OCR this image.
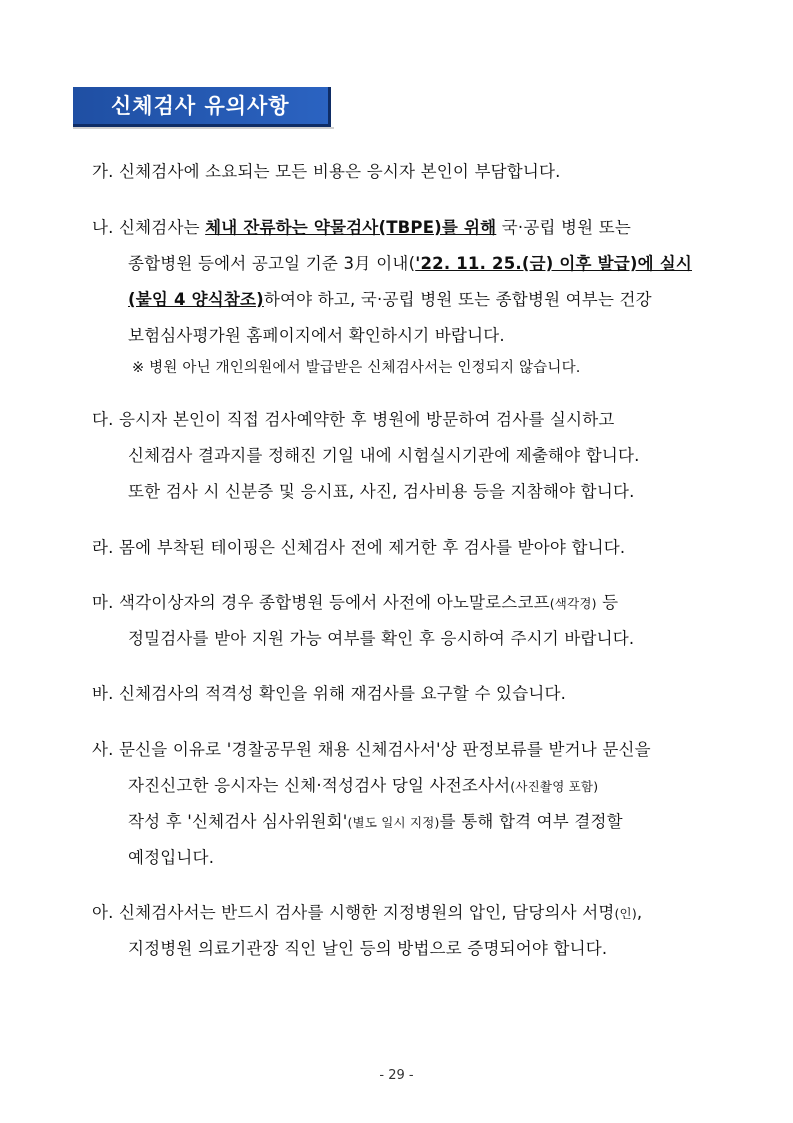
신체검사 유의사항
가. 신체검사에 소요되는 모든 비용은 응시자 본인이 부담합니다.
나. 신체검사는 체내 잔류하는 약물검사(TBPE)를 위해 국·공립 병원 또는
종합병원 등에서 공고일 기준 3月 이내('22. 11. 25.(금) 이후 발급)에 실시
(붙임 4 양식참조)하여야 하고, 국·공립 병원 또는 종합병원 여부는 건강
보험심사평가원 홈페이지에서 확인하시기 바랍니다.
※ 병원 아닌 개인의원에서 발급받은 신체검사서는 인정되지 않습니다.
다. 응시자 본인이 직접 검사예약한 후 병원에 방문하여 검사를 실시하고
신체검사 결과지를 정해진 기일 내에 시험실시기관에 제출해야 합니다.
또한 검사 시 신분증 및 응시표, 사진, 검사비용 등을 지참해야 합니다.
라. 몸에 부착된 테이핑은 신체검사 전에 제거한 후 검사를 받아야 합니다.
마. 색각이상자의 경우 종합병원 등에서 사전에 아노말로스코프(색각경) 등
정밀검사를 받아 지원 가능 여부를 확인 후 응시하여 주시기 바랍니다.
바. 신체검사의 적격성 확인을 위해 재검사를 요구할 수 있습니다.
사. 문신을 이유로 '경찰공무원 채용 신체검사서'상 판정보류를 받거나 문신을
자진신고한 응시자는 신체·적성검사 당일 사전조사서(사진촬영 포함)
작성 후 '신체검사 심사위원회'(별도 일시 지정)를 통해 합격 여부 결정할
예정입니다.
아. 신체검사서는 반드시 검사를 시행한 지정병원의 압인, 담당의사 서명(인),
지정병원 의료기관장 직인 날인 등의 방법으로 증명되어야 합니다.
- 29 -
